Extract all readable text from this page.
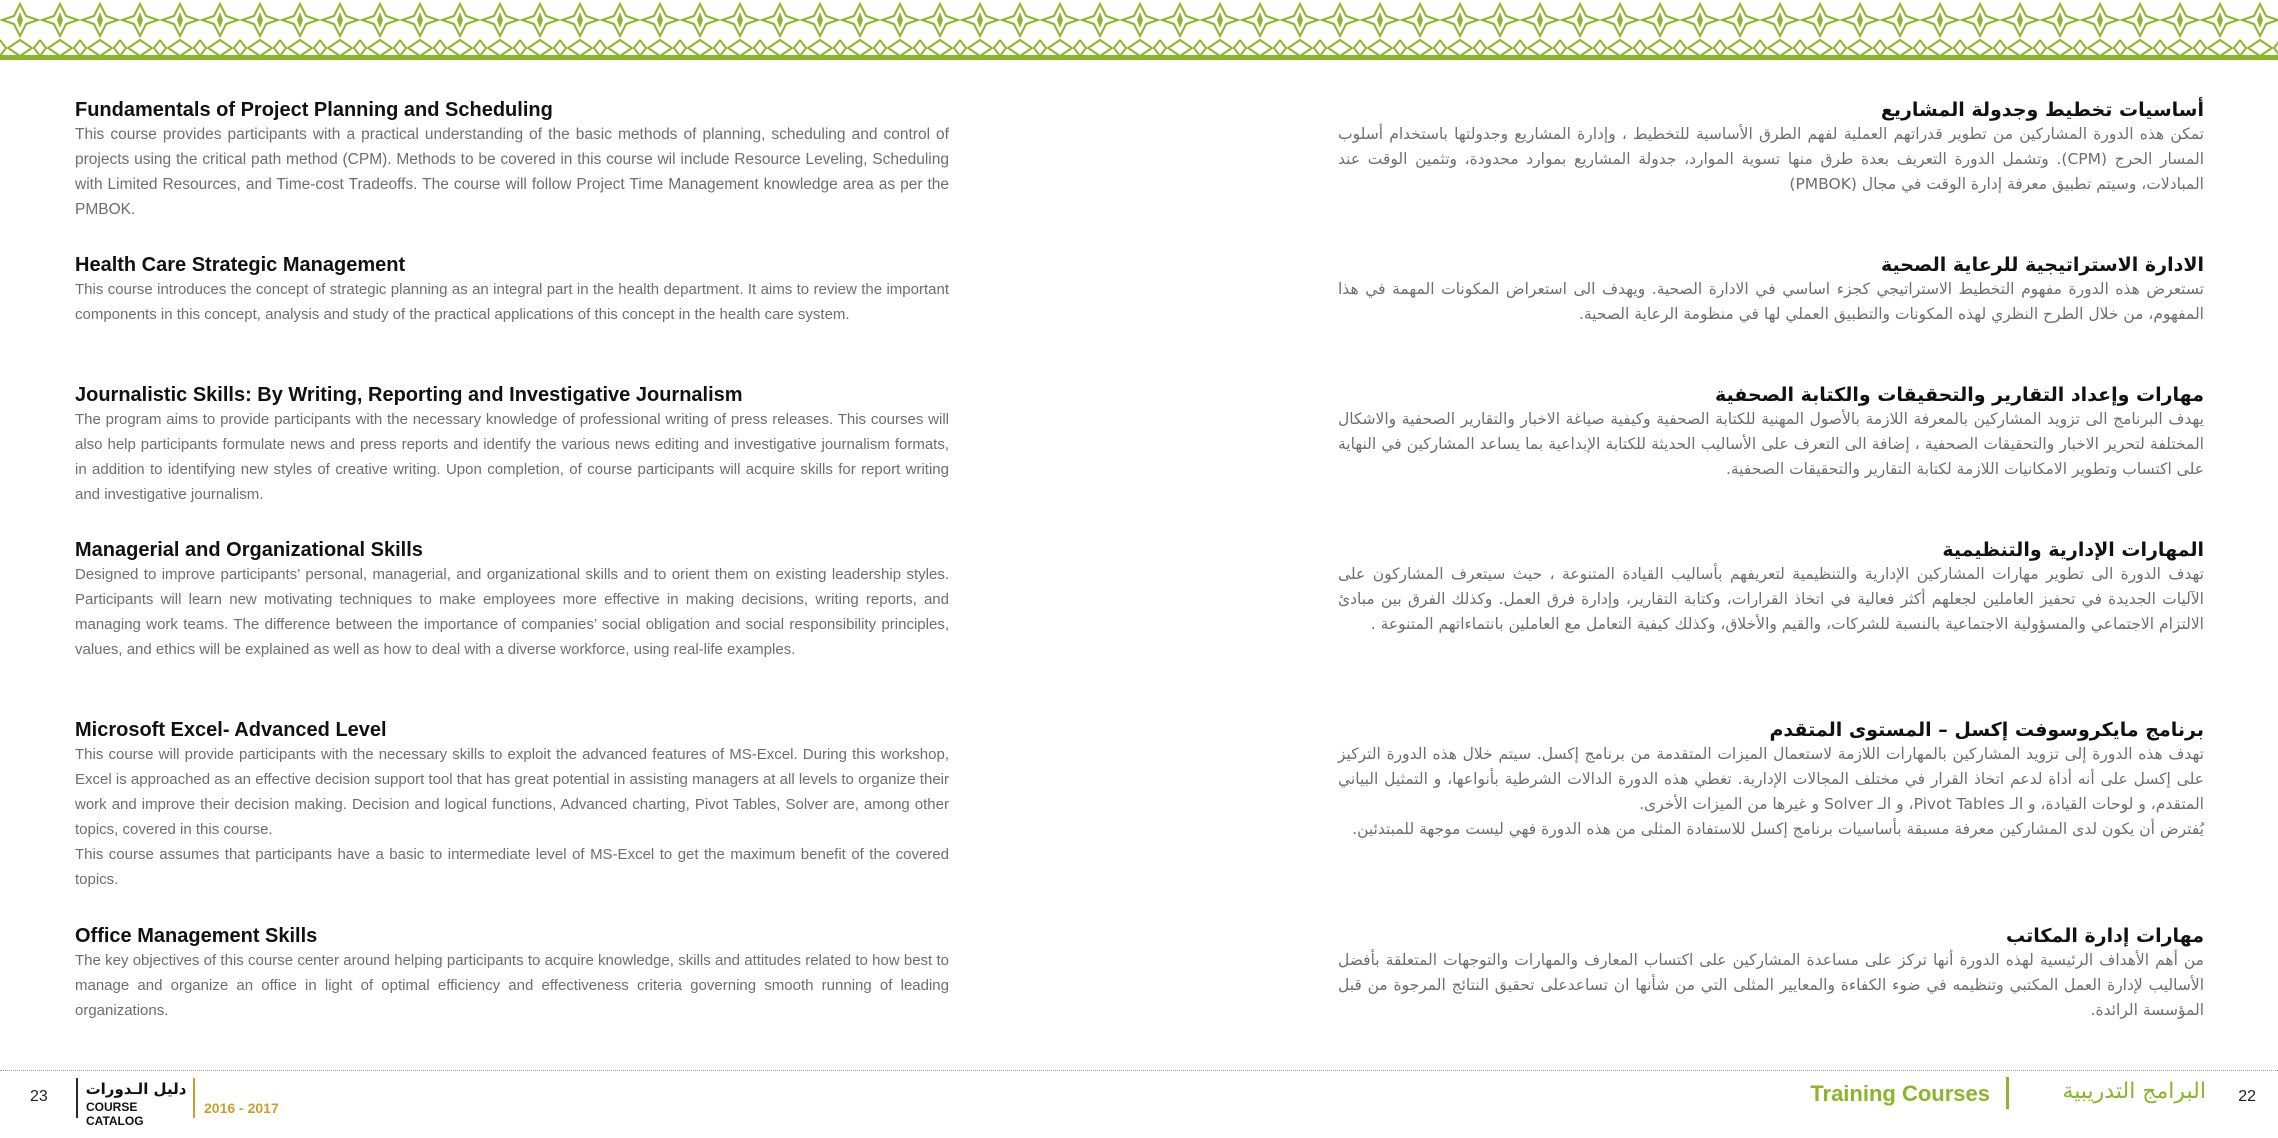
Fundamentals of Project Planning and Scheduling

This course provides participants with a practical understanding of the basic methods of planning, scheduling and control of projects using the critical path method (CPM). Methods to be covered in this course wil include Resource Leveling, Scheduling with Limited Resources, and Time-cost Tradeoffs. The course will follow Project Time Management knowledge area as per the PMBOK.

Health Care Strategic Management

This course introduces the concept of strategic planning as an integral part in the health department. It aims to review the important components in this concept, analysis and study of the practical applications of this concept in the health care system.

Journalistic Skills: By Writing, Reporting and Investigative Journalism

The program aims to provide participants with the necessary knowledge of professional writing of press releases. This courses will also help participants formulate news and press reports and identify the various news editing and investigative journalism formats, in addition to identifying new styles of creative writing. Upon completion, of course participants will acquire skills for report writing and investigative journalism.

Managerial and Organizational Skills

Designed to improve participants’ personal, managerial, and organizational skills and to orient them on existing leadership styles. Participants will learn new motivating techniques to make employees more effective in making decisions, writing reports, and managing work teams. The difference between the importance of companies’ social obligation and social responsibility principles, values, and ethics will be explained as well as how to deal with a diverse workforce, using real-life examples.

Microsoft Excel- Advanced Level

This course will provide participants with the necessary skills to exploit the advanced features of MS-Excel. During this workshop, Excel is approached as an effective decision support tool that has great potential in assisting managers at all levels to organize their work and improve their decision making. Decision and logical functions, Advanced charting, Pivot Tables, Solver are, among other topics, covered in this course.

This course assumes that participants have a basic to intermediate level of MS-Excel to get the maximum benefit of the covered topics.

Office Management Skills

The key objectives of this course center around helping participants to acquire knowledge, skills and attitudes related to how best to manage and organize an office in light of optimal efficiency and effectiveness criteria governing smooth running of leading organizations.

أساسيات تخطيط وجدولة المشاريع

تمكن هذه الدورة المشاركين من تطوير قدراتهم العملية لفهم الطرق الأساسية للتخطيط ، وإدارة المشاريع وجدولتها باستخدام أسلوب المسار الحرج (CPM). وتشمل الدورة التعريف بعدة طرق منها تسوية الموارد، جدولة المشاريع بموارد محدودة، وتثمين الوقت عند المبادلات، وسيتم تطبيق معرفة إدارة الوقت في مجال (PMBOK)

الادارة الاستراتيجية للرعاية الصحية

تستعرض هذه الدورة مفهوم التخطيط الاستراتيجي كجزء اساسي في الادارة الصحية. ويهدف الى استعراض المكونات المهمة في هذا المفهوم، من خلال الطرح النظري لهذه المكونات والتطبيق العملي لها في منظومة الرعاية الصحية.

مهارات وإعداد التقارير والتحقيقات والكتابة الصحفية

يهدف البرنامج الى تزويد المشاركين بالمعرفة اللازمة بالأصول المهنية للكتابة الصحفية وكيفية صياغة الاخبار والتقارير الصحفية والاشكال المختلفة لتحرير الاخبار والتحقيقات الصحفية ، إضافة الى التعرف على الأساليب الحديثة للكتابة الإبداعية بما يساعد المشاركين في النهاية على اكتساب وتطوير الامكانيات اللازمة لكتابة التقارير والتحقيقات الصحفية.

المهارات الإدارية والتنظيمية

تهدف الدورة الى تطوير مهارات المشاركين الإدارية والتنظيمية لتعريفهم بأساليب القيادة المتنوعة ، حيث سيتعرف المشاركون على الآليات الجديدة في تحفيز العاملين لجعلهم أكثر فعالية في اتخاذ القرارات، وكتابة التقارير، وإدارة فرق العمل. وكذلك الفرق بين مبادئ الالتزام الاجتماعي والمسؤولية الاجتماعية بالنسبة للشركات، والقيم والأخلاق، وكذلك كيفية التعامل مع العاملين بانتماءاتهم المتنوعة .

برنامج مايكروسوفت إكسل – المستوى المتقدم

تهدف هذه الدورة إلى تزويد المشاركين بالمهارات اللازمة لاستعمال الميزات المتقدمة من برنامج إكسل. سيتم خلال هذه الدورة التركيز على إكسل على أنه أداة لدعم اتخاذ القرار في مختلف المجالات الإدارية. تغطي هذه الدورة الدالات الشرطية بأنواعها، و التمثيل البياني المتقدم، و لوحات القيادة، و الـ Pivot Tables، و الـ Solver و غيرها من الميزات الأخرى.

يُفترض أن يكون لدى المشاركين معرفة مسبقة بأساسيات برنامج إكسل للاستفادة المثلى من هذه الدورة فهي ليست موجهة للمبتدئين.

مهارات إدارة المكاتب

من أهم الأهداف الرئيسية لهذه الدورة أنها تركز على مساعدة المشاركين على اكتساب المعارف والمهارات والتوجهات المتعلقة بأفضل الأساليب لإدارة العمل المكتبي وتنظيمه في ضوء الكفاءة والمعايير المثلى التي من شأنها ان تساعدعلى تحقيق النتائج المرجوة من قبل المؤسسة الرائدة.

23	دليل الـدورات
COURSE CATALOG
2016 - 2017
Training Courses	البرامج التدريبية 22
